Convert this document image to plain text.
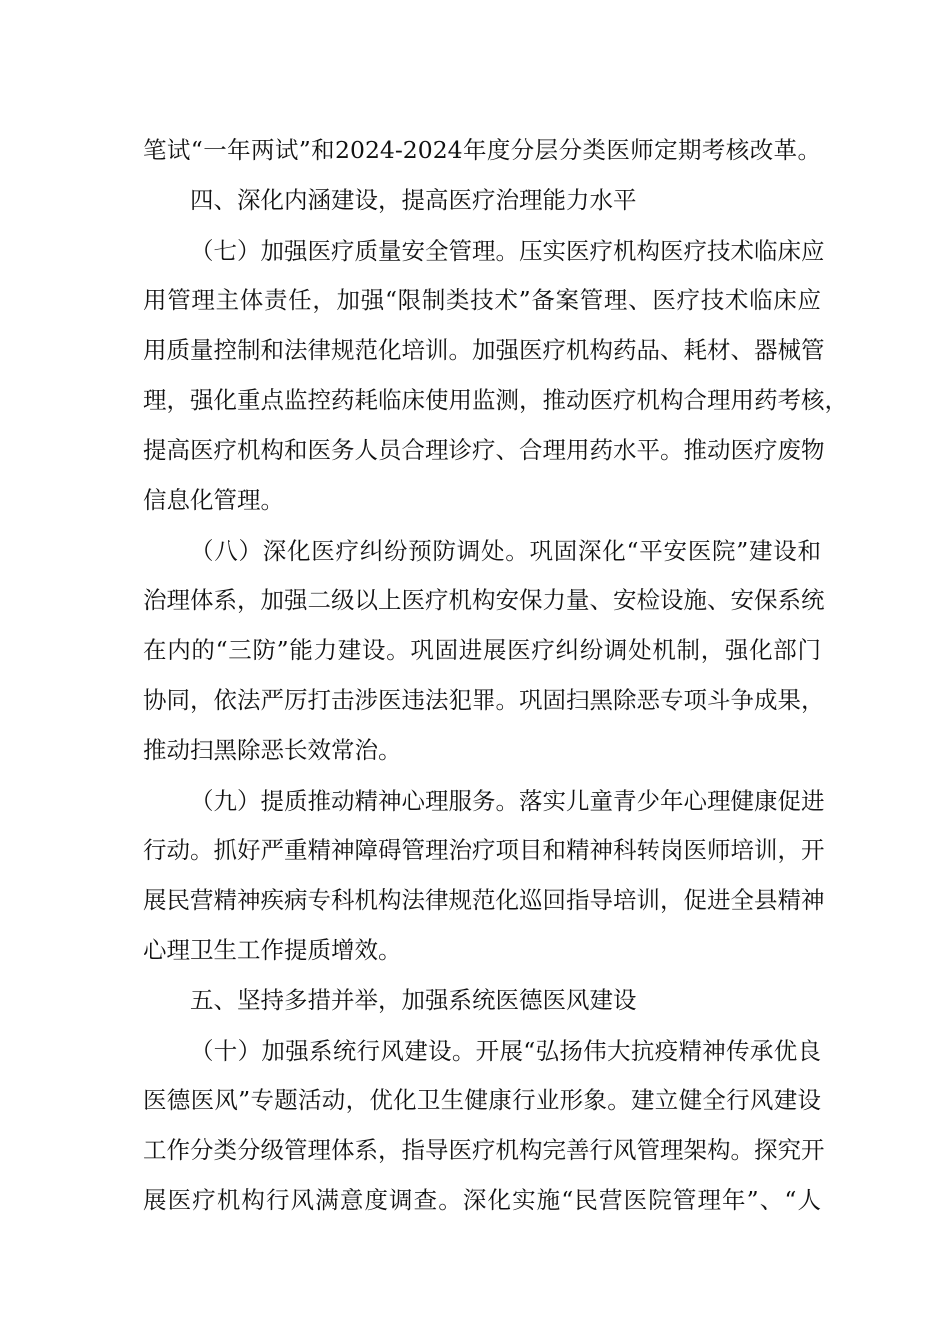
笔试“一年两试”和2024-2024年度分层分类医师定期考核改革。
四、深化内涵建设，提高医疗治理能力水平
（七）加强医疗质量安全管理。压实医疗机构医疗技术临床应
用管理主体责任，加强“限制类技术”备案管理、医疗技术临床应
用质量控制和法律规范化培训。加强医疗机构药品、耗材、器械管
理，强化重点监控药耗临床使用监测，推动医疗机构合理用药考核，
提高医疗机构和医务人员合理诊疗、合理用药水平。推动医疗废物
信息化管理。
（八）深化医疗纠纷预防调处。巩固深化“平安医院”建设和
治理体系，加强二级以上医疗机构安保力量、安检设施、安保系统
在内的“三防”能力建设。巩固进展医疗纠纷调处机制，强化部门
协同，依法严厉打击涉医违法犯罪。巩固扫黑除恶专项斗争成果，
推动扫黑除恶长效常治。
（九）提质推动精神心理服务。落实儿童青少年心理健康促进
行动。抓好严重精神障碍管理治疗项目和精神科转岗医师培训，开
展民营精神疾病专科机构法律规范化巡回指导培训，促进全县精神
心理卫生工作提质增效。
五、坚持多措并举，加强系统医德医风建设
（十）加强系统行风建设。开展“弘扬伟大抗疫精神传承优良
医德医风”专题活动，优化卫生健康行业形象。建立健全行风建设
工作分类分级管理体系，指导医疗机构完善行风管理架构。探究开
展医疗机构行风满意度调查。深化实施“民营医院管理年”、“人
